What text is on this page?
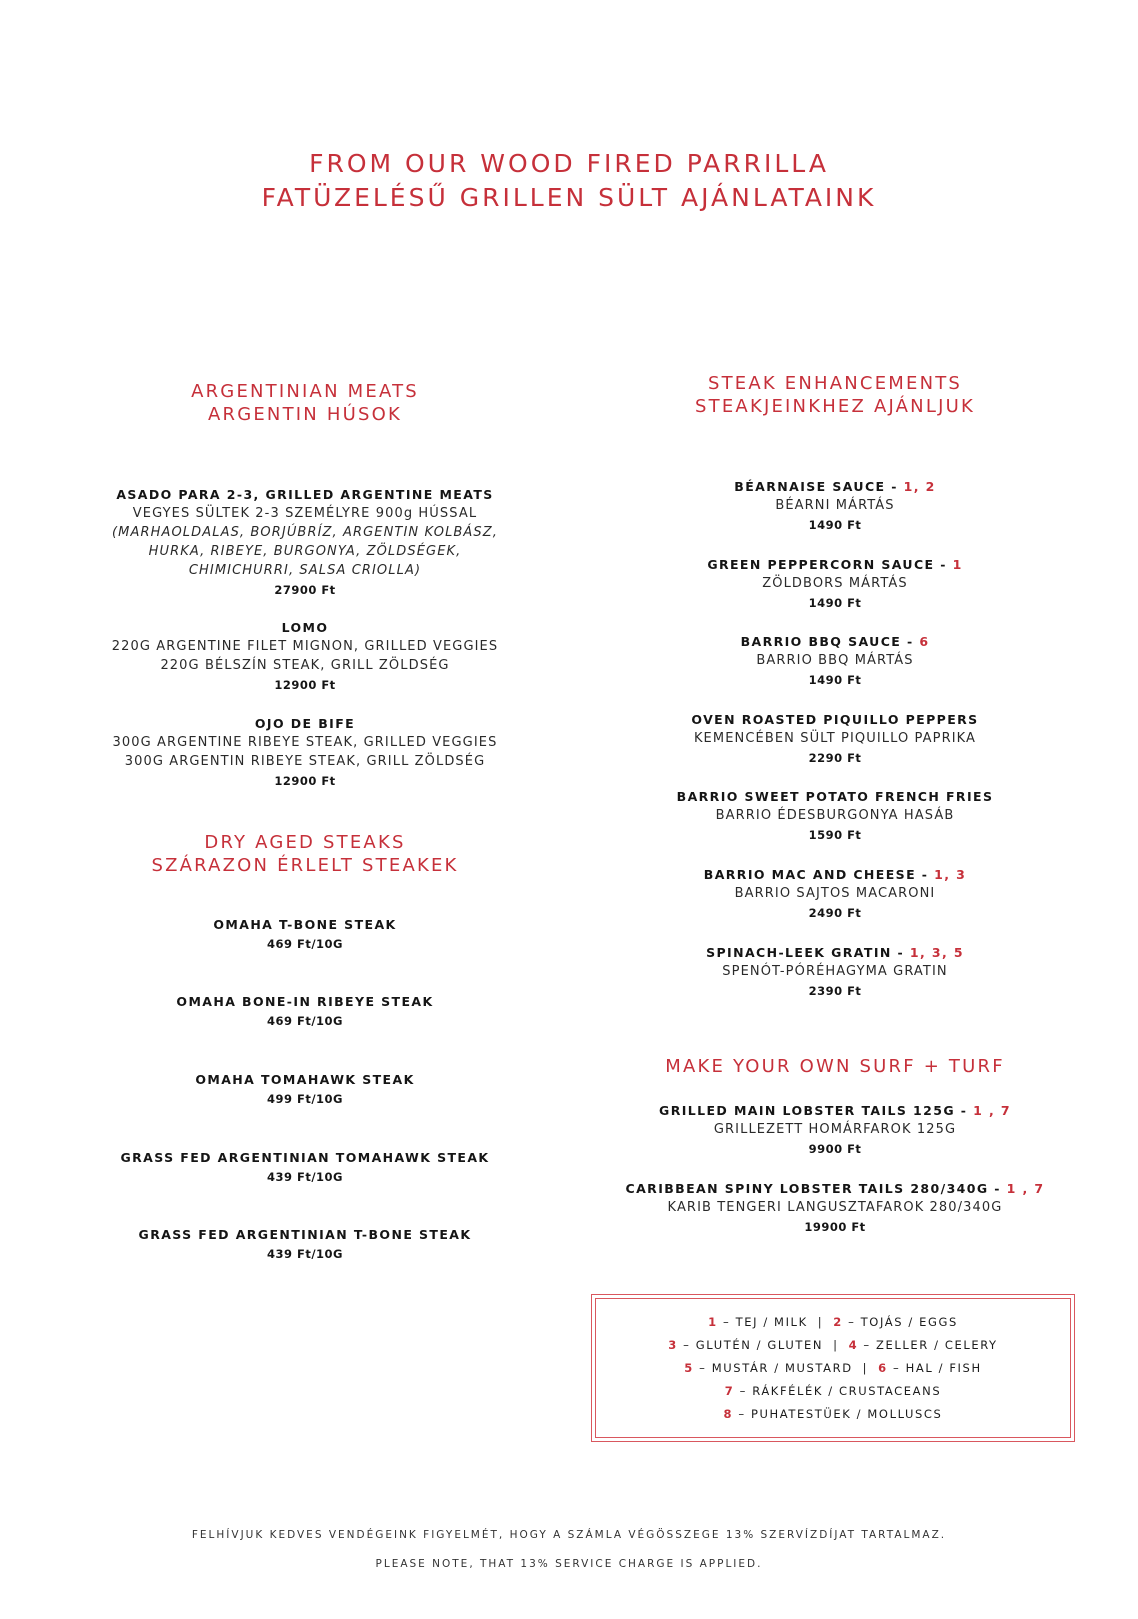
FROM OUR WOOD FIRED PARRILLA
FATÜZELÉSŰ GRILLEN SÜLT AJÁNLATAINK
ARGENTINIAN MEATS
ARGENTIN HÚSOK
ASADO PARA 2-3, GRILLED ARGENTINE MEATS
VEGYES SÜLTEK 2-3 SZEMÉLYRE 900g HÚSSAL
(MARHAOLDALAS, BORJÚBRÍZ, ARGENTIN KOLBÁSZ,
HURKA, RIBEYE, BURGONYA, ZÖLDSÉGEK,
CHIMICHURRI, SALSA CRIOLLA)
27900 Ft
LOMO
220G ARGENTINE FILET MIGNON, GRILLED VEGGIES
220G BÉLSZÍN STEAK, GRILL ZÖLDSÉG
12900 Ft
OJO DE BIFE
300G ARGENTINE RIBEYE STEAK, GRILLED VEGGIES
300G ARGENTIN RIBEYE STEAK, GRILL ZÖLDSÉG
12900 Ft
DRY AGED STEAKS
SZÁRAZON ÉRLELT STEAKEK
OMAHA T-BONE STEAK
469 Ft/10G
OMAHA BONE-IN RIBEYE STEAK
469 Ft/10G
OMAHA TOMAHAWK STEAK
499 Ft/10G
GRASS FED ARGENTINIAN TOMAHAWK STEAK
439 Ft/10G
GRASS FED ARGENTINIAN T-BONE STEAK
439 Ft/10G
STEAK ENHANCEMENTS
STEAKJEINKHEZ AJÁNLJUK
BÉARNAISE SAUCE - 1, 2
BÉARNI MÁRTÁS
1490 Ft
GREEN PEPPERCORN SAUCE - 1
ZÖLDBORS MÁRTÁS
1490 Ft
BARRIO BBQ SAUCE - 6
BARRIO BBQ MÁRTÁS
1490 Ft
OVEN ROASTED PIQUILLO PEPPERS
KEMENCÉBEN SÜLT PIQUILLO PAPRIKA
2290 Ft
BARRIO SWEET POTATO FRENCH FRIES
BARRIO ÉDESBURGONYA HASÁB
1590 Ft
BARRIO MAC AND CHEESE - 1, 3
BARRIO SAJTOS MACARONI
2490 Ft
SPINACH-LEEK GRATIN - 1, 3, 5
SPENÓT-PÓRÉHAGYMA GRATIN
2390 Ft
MAKE YOUR OWN SURF + TURF
GRILLED MAIN LOBSTER TAILS 125G - 1 , 7
GRILLEZETT HOMÁRFAROK 125G
9900 Ft
CARIBBEAN SPINY LOBSTER TAILS 280/340G - 1 , 7
KARIB TENGERI LANGUSZTAFAROK 280/340G
19900 Ft
1 – TEJ / MILK | 2 – TOJÁS / EGGS
3 – GLUTÉN / GLUTEN | 4 – ZELLER / CELERY
5 – MUSTÁR / MUSTARD | 6 – HAL / FISH
7 – RÁKFÉLÉK / CRUSTACEANS
8 – PUHATESTÜEK / MOLLUSCS
FELHÍVJUK KEDVES VENDÉGEINK FIGYELMÉT, HOGY A SZÁMLA VÉGÖSSZEGE 13% SZERVÍZDÍJAT TARTALMAZ.
PLEASE NOTE, THAT 13% SERVICE CHARGE IS APPLIED.
